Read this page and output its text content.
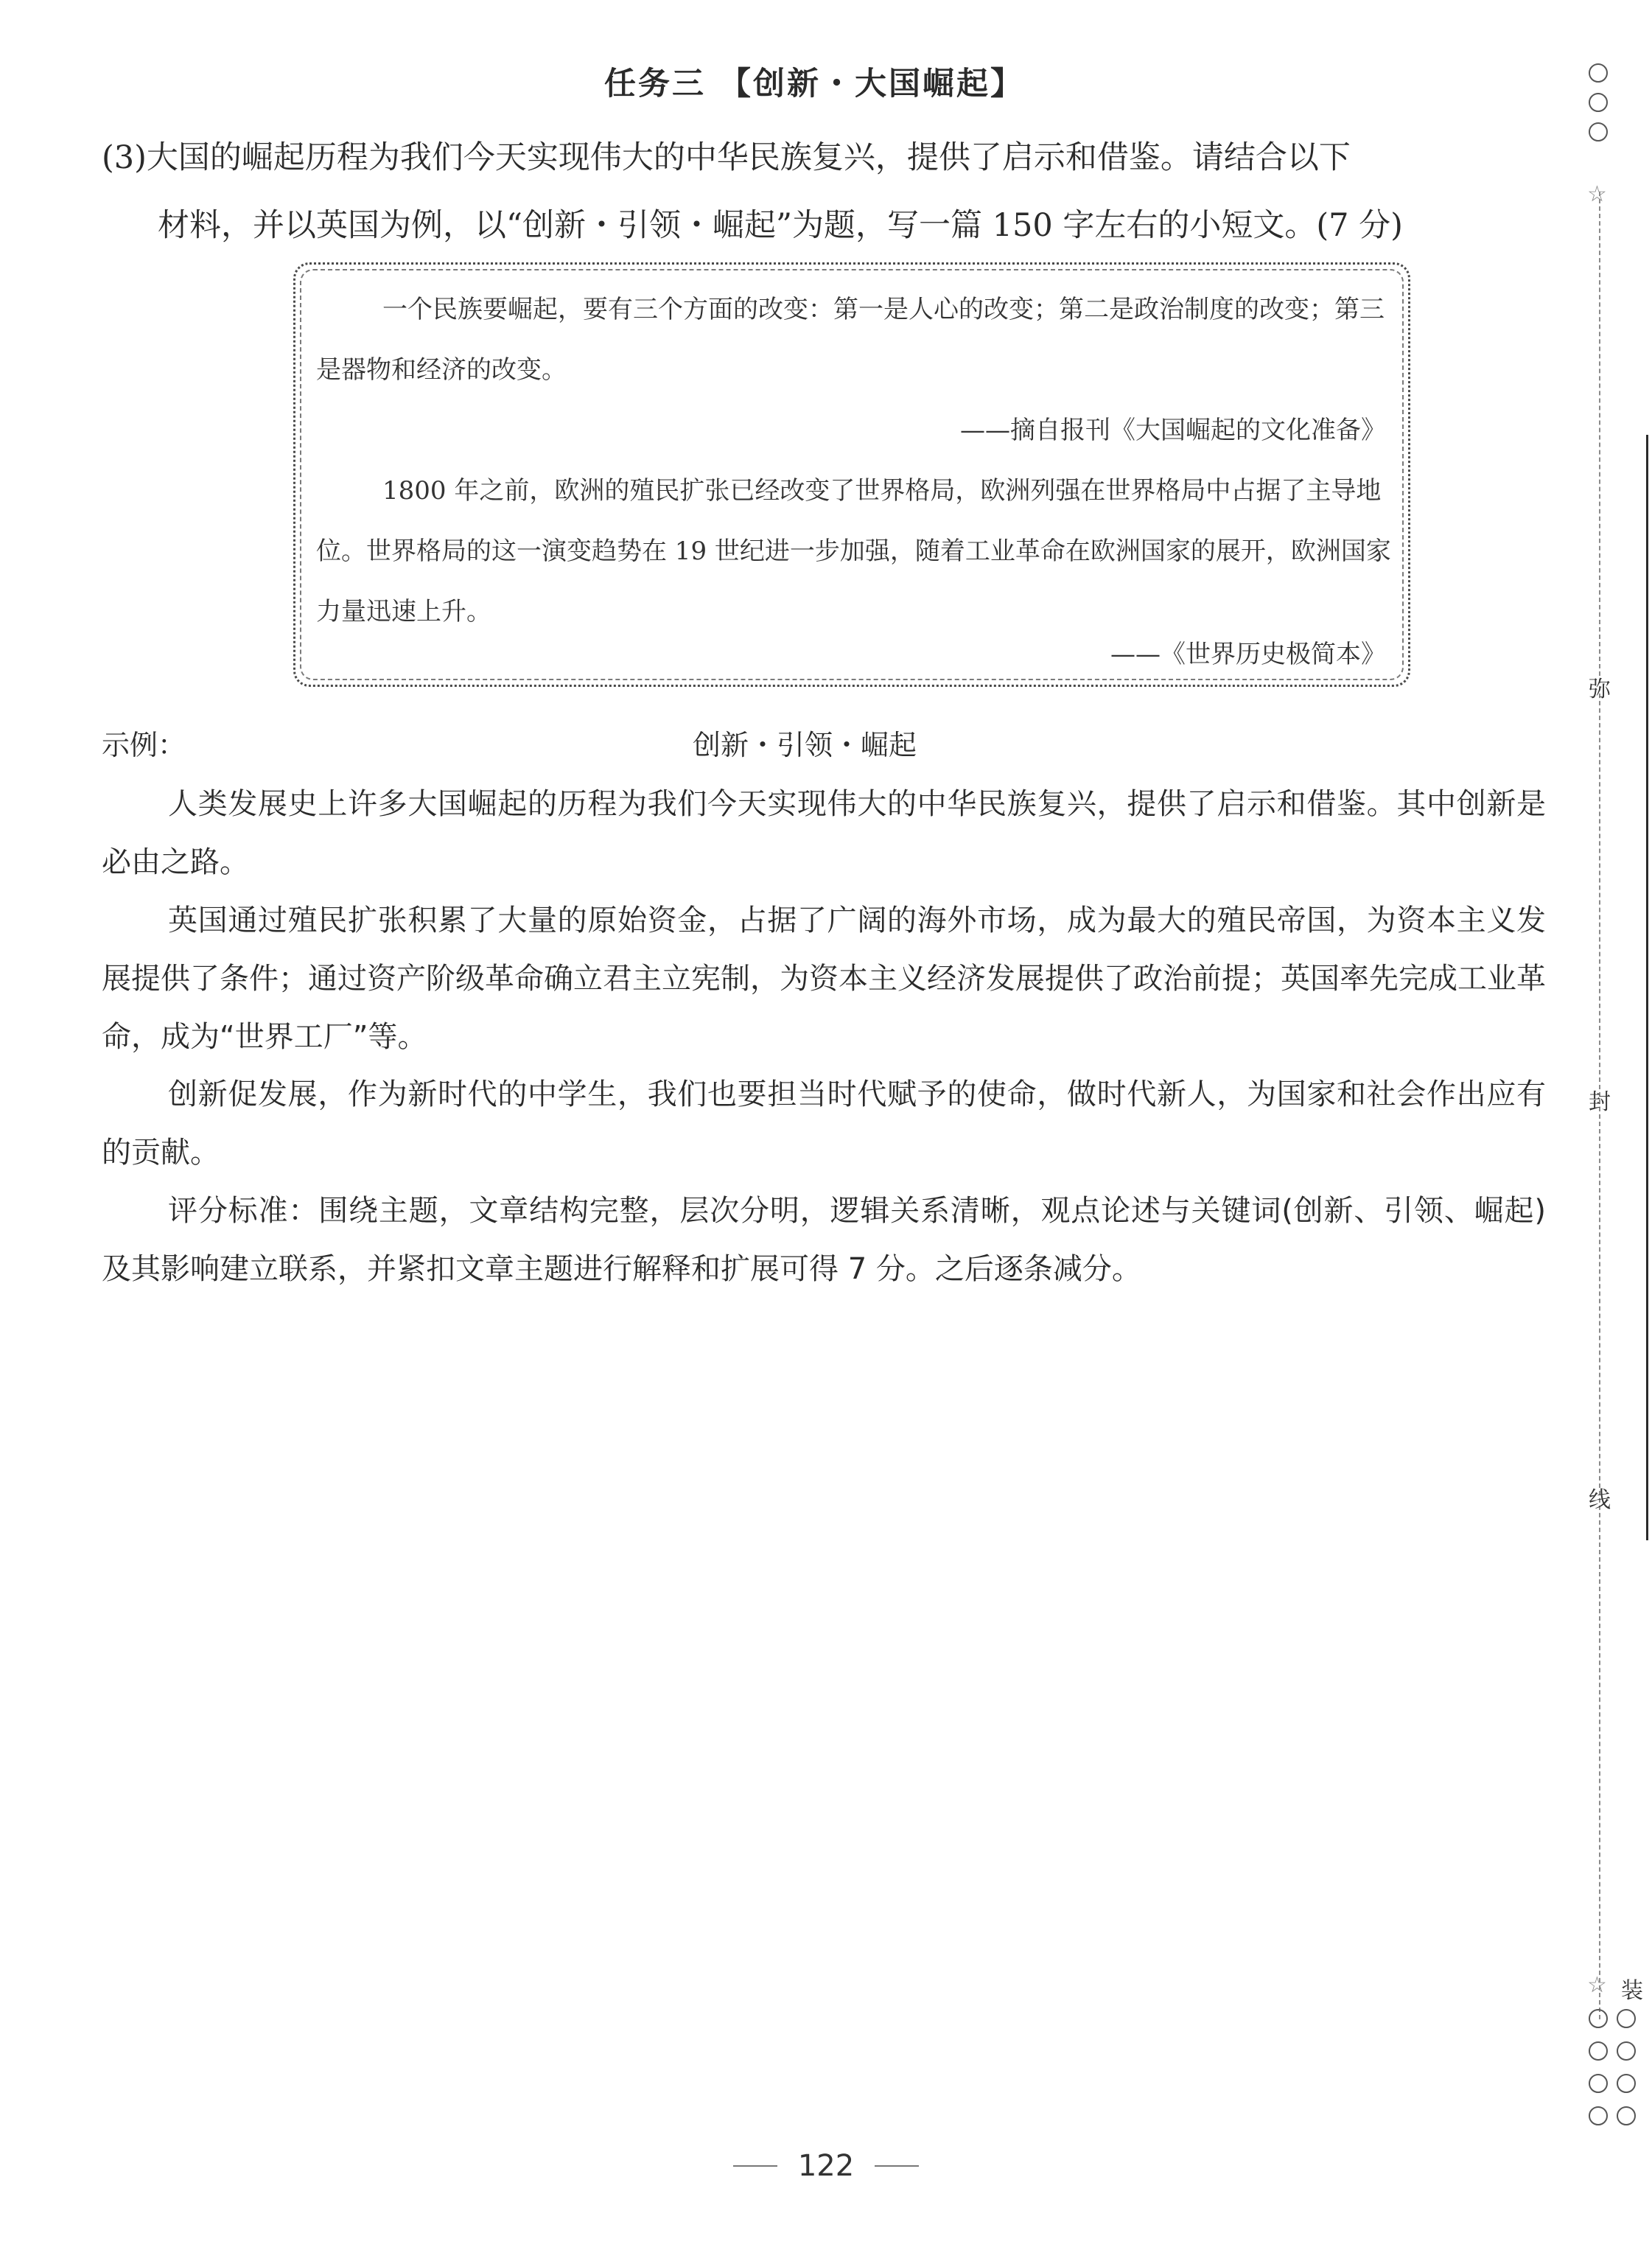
任务三 【创新・大国崛起】
(3)大国的崛起历程为我们今天实现伟大的中华民族复兴，提供了启示和借鉴。请结合以下
材料，并以英国为例，以“创新・引领・崛起”为题，写一篇 150 字左右的小短文。(7 分)
一个民族要崛起，要有三个方面的改变：第一是人心的改变；第二是政治制度的改变；第三是器物和经济的改变。
——摘自报刊《大国崛起的文化准备》
1800 年之前，欧洲的殖民扩张已经改变了世界格局，欧洲列强在世界格局中占据了主导地位。世界格局的这一演变趋势在 19 世纪进一步加强，随着工业革命在欧洲国家的展开，欧洲国家力量迅速上升。
——《世界历史极简本》
示例：	创新・引领・崛起
人类发展史上许多大国崛起的历程为我们今天实现伟大的中华民族复兴，提供了启示和借鉴。其中创新是必由之路。
英国通过殖民扩张积累了大量的原始资金，占据了广阔的海外市场，成为最大的殖民帝国，为资本主义发展提供了条件；通过资产阶级革命确立君主立宪制，为资本主义经济发展提供了政治前提；英国率先完成工业革命，成为“世界工厂”等。
创新促发展，作为新时代的中学生，我们也要担当时代赋予的使命，做时代新人，为国家和社会作出应有的贡献。
评分标准：围绕主题，文章结构完整，层次分明，逻辑关系清晰，观点论述与关键词(创新、引领、崛起)及其影响建立联系，并紧扣文章主题进行解释和扩展可得 7 分。之后逐条减分。
☆
弥
封
线
☆ 装
122
